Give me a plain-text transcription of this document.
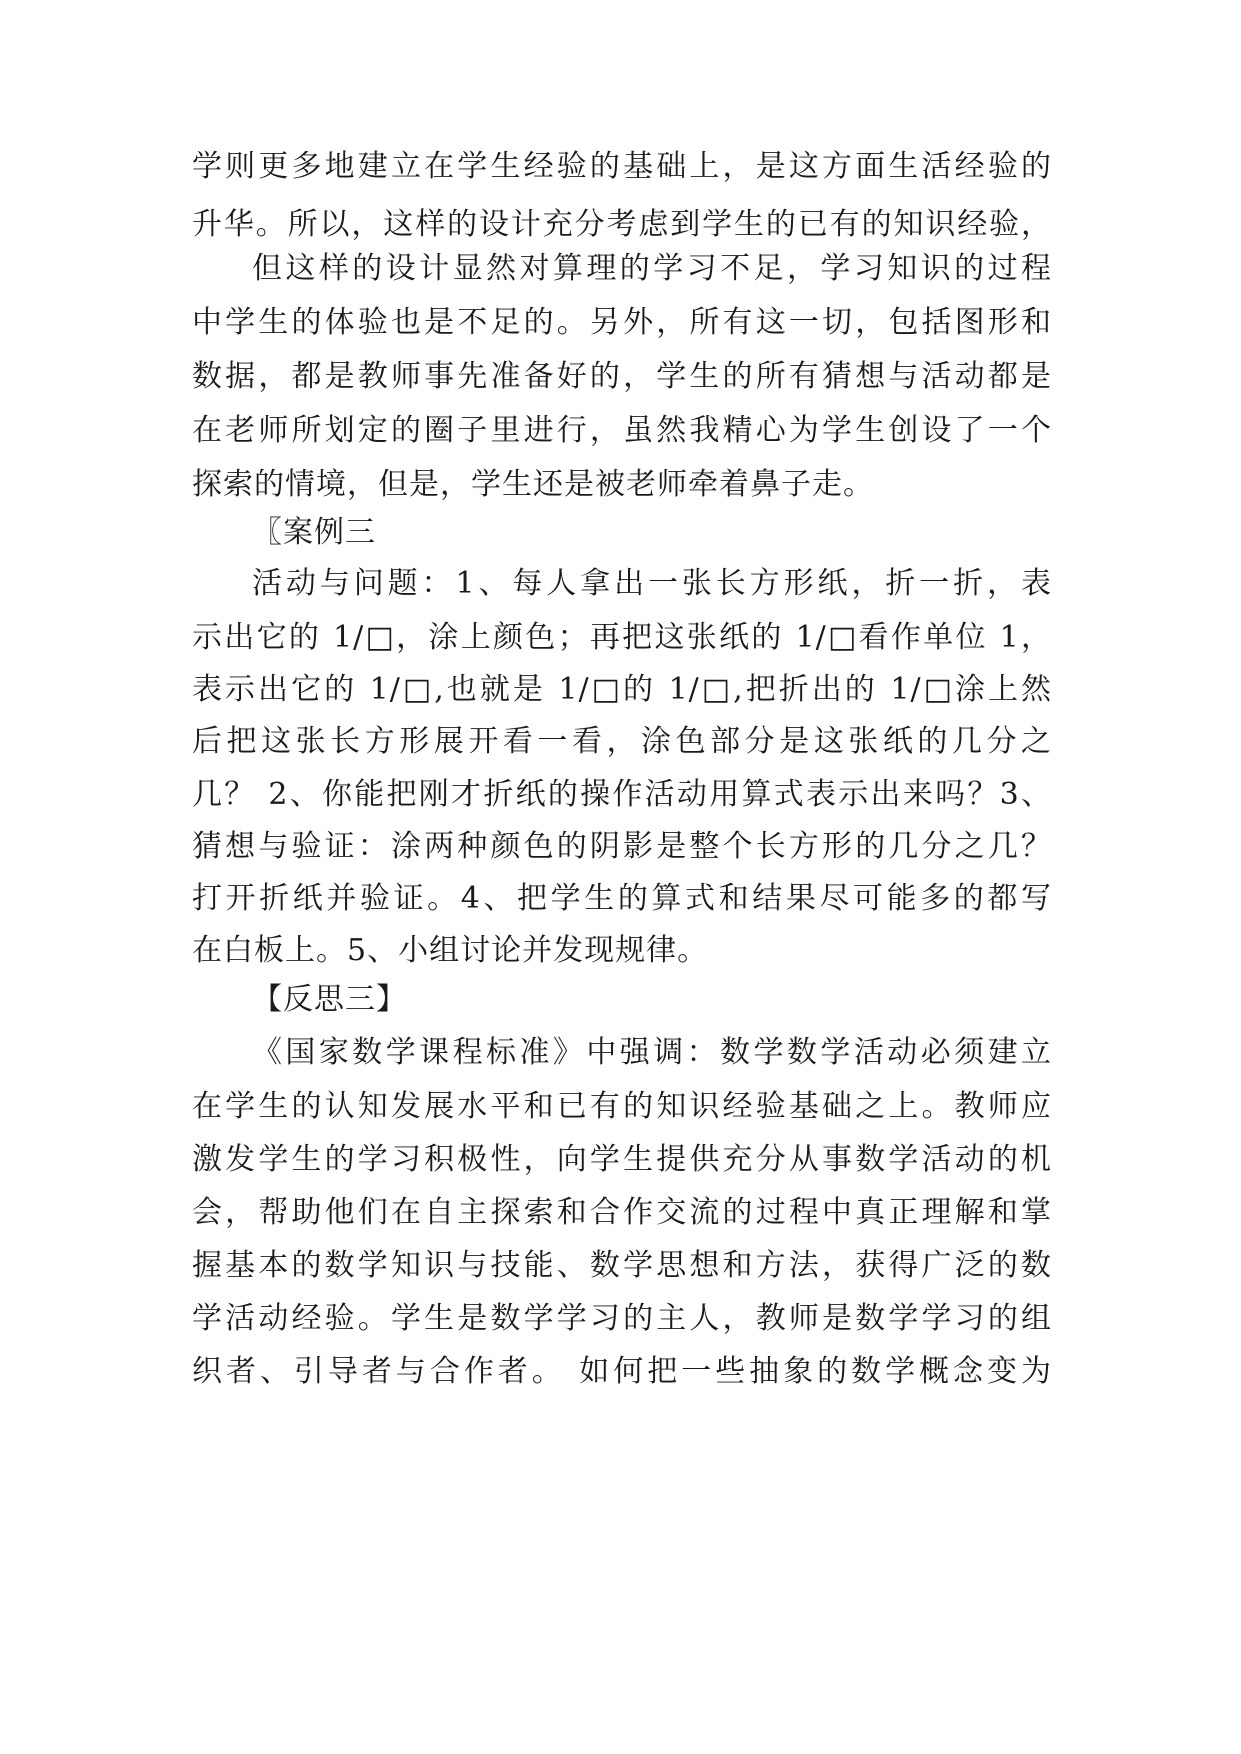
学则更多地建立在学生经验的基础上，是这方面生活经验的
升华。所以，这样的设计充分考虑到学生的已有的知识经验，
但这样的设计显然对算理的学习不足，学习知识的过程
中学生的体验也是不足的。另外，所有这一切，包括图形和
数据，都是教师事先准备好的，学生的所有猜想与活动都是
在老师所划定的圈子里进行，虽然我精心为学生创设了一个
探索的情境，但是，学生还是被老师牵着鼻子走。
〖案例三
活动与问题：1、每人拿出一张长方形纸，折一折，表
示出它的 1/□，涂上颜色；再把这张纸的 1/□看作单位 1，
表示出它的 1/□,也就是 1/□的 1/□,把折出的 1/□涂上然
后把这张长方形展开看一看，涂色部分是这张纸的几分之
几？ 2、你能把刚才折纸的操作活动用算式表示出来吗？3、
猜想与验证：涂两种颜色的阴影是整个长方形的几分之几？
打开折纸并验证。4、把学生的算式和结果尽可能多的都写
在白板上。5、小组讨论并发现规律。
【反思三】
《国家数学课程标准》中强调：数学数学活动必须建立
在学生的认知发展水平和已有的知识经验基础之上。教师应
激发学生的学习积极性，向学生提供充分从事数学活动的机
会，帮助他们在自主探索和合作交流的过程中真正理解和掌
握基本的数学知识与技能、数学思想和方法，获得广泛的数
学活动经验。学生是数学学习的主人，教师是数学学习的组
织者、引导者与合作者。 如何把一些抽象的数学概念变为
